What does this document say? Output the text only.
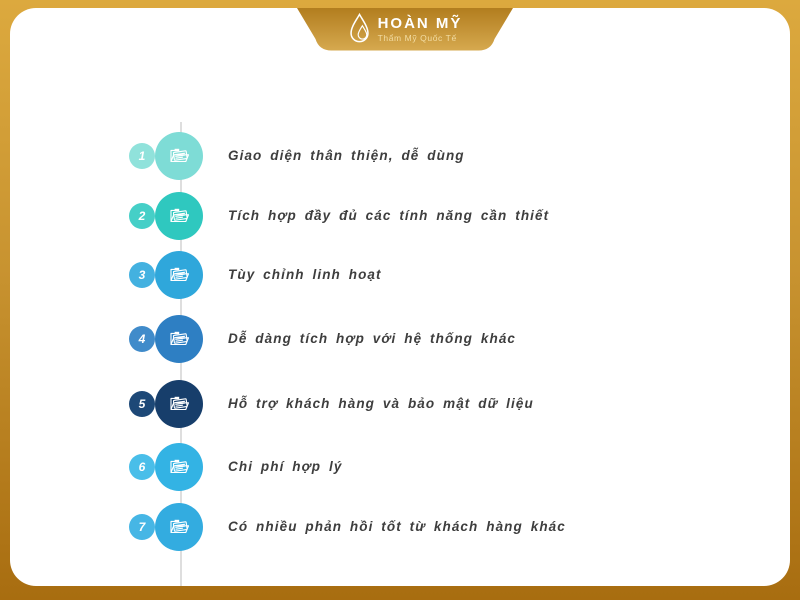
HOÀN MỸ
Thẩm Mỹ Quốc Tế
1	Giao diện thân thiện, dễ dùng
2	Tích hợp đầy đủ các tính năng cần thiết
3	Tùy chỉnh linh hoạt
4	Dễ dàng tích hợp với hệ thống khác
5	Hỗ trợ khách hàng và bảo mật dữ liệu
6	Chi phí hợp lý
7	Có nhiều phản hồi tốt từ khách hàng khác
